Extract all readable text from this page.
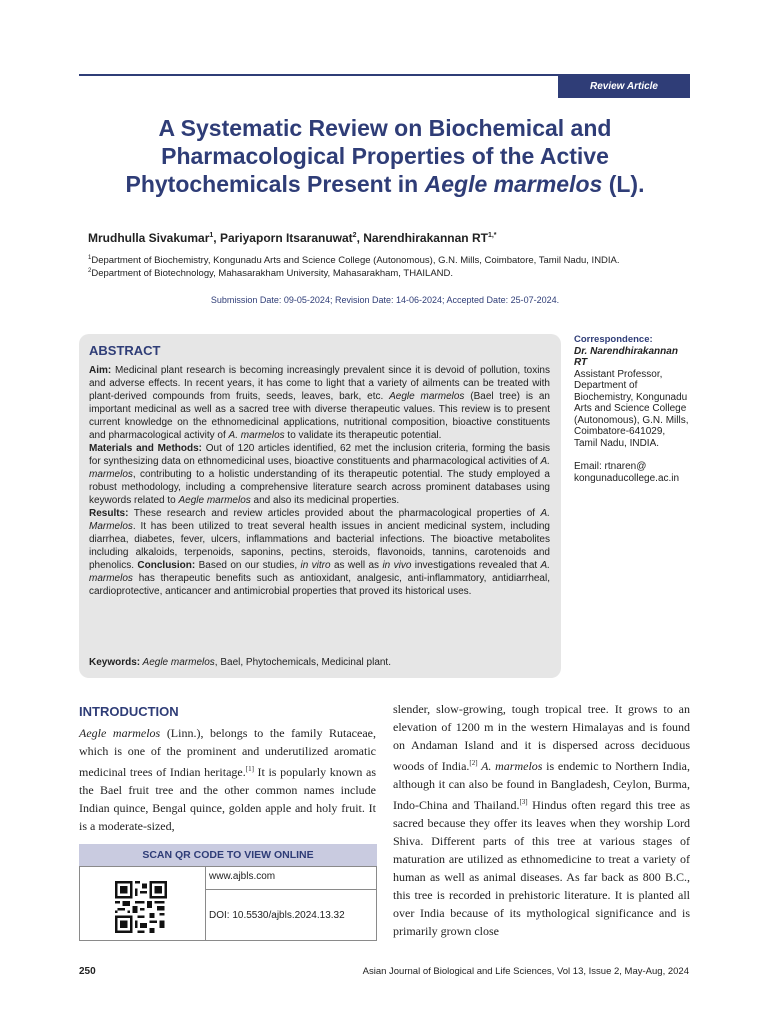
Review Article
A Systematic Review on Biochemical and
Pharmacological Properties of the Active
Phytochemicals Present in Aegle marmelos (L).
Mrudhulla Sivakumar$^1$, Pariyaporn Itsaranuwat$^2$, Narendhirakannan $RT^{1,*}$
$^1$Department of Biochemistry, Kongunadu Arts and Science College (Autonomous), G.N. Mills, Coimbatore, Tamil Nadu, INDIA.
$^2$Department of Biotechnology, Mahasarakham University, Mahasarakham, THAILAND.
Submission Date: 09-05-2024; Revision Date: 14-06-2024; Accepted Date: 25-07-2024.
ABSTRACT
Aim: Medicinal plant research is becoming increasingly prevalent since it is devoid of pollution, toxins and adverse effects. In recent years, it has come to light that a variety of ailments can be treated with plant-derived compounds from fruits, seeds, leaves, bark, etc. Aegle marmelos (Bael tree) is an important medicinal as well as a sacred tree with diverse therapeutic values. This review is to present current knowledge on the ethnomedicinal applications, nutritional composition, bioactive constituents and pharmacological activity of A. marmelos to validate its therapeutic potential.
Materials and Methods: Out of 120 articles identified, 62 met the inclusion criteria, forming the basis for synthesizing data on ethnomedicinal uses, bioactive constituents and pharmacological activities of A. marmelos, contributing to a holistic understanding of its therapeutic potential. The study employed a robust methodology, including a comprehensive literature search across prominent databases using keywords related to Aegle marmelos and also its medicinal properties.
Results: These research and review articles provided about the pharmacological properties of A. Marmelos. It has been utilized to treat several health issues in ancient medicinal system, including diarrhea, diabetes, fever, ulcers, inflammations and bacterial infections. The bioactive metabolites including alkaloids, terpenoids, saponins, pectins, steroids, flavonoids, tannins, carotenoids and phenolics. Conclusion: Based on our studies, in vitro as well as in vivo investigations revealed that A. marmelos has therapeutic benefits such as antioxidant, analgesic, anti-inflammatory, antidiarrheal, cardioprotective, anticancer and antimicrobial properties that proved its historical uses.
Keywords: Aegle marmelos, Bael, Phytochemicals, Medicinal plant.
Correspondence:
Dr. Narendhirakannan
RT
Assistant Professor,
Department of
Biochemistry, Kongunadu
Arts and Science College
(Autonomous), G.N. Mills,
Coimbatore-641029,
Tamil Nadu, INDIA.
Email: rtnaren@
kongunaducollege.ac.in
INTRODUCTION
Aegle marmelos (Linn.), belongs to the family Rutaceae, which is one of the prominent and underutilized aromatic medicinal trees of Indian heritage.[1] It is popularly known as the Bael fruit tree and the other common names include Indian quince, Bengal quince, golden apple and holy fruit. It is a moderate-sized,
slender, slow-growing, tough tropical tree. It grows to an elevation of 1200 m in the western Himalayas and is found on Andaman Island and it is dispersed across deciduous woods of India.[2] A. marmelos is endemic to Northern India, although it can also be found in Bangladesh, Ceylon, Burma, Indo-China and Thailand.[3] Hindus often regard this tree as sacred because they offer its leaves when they worship Lord Shiva. Different parts of this tree at various stages of maturation are utilized as ethnomedicine to treat a variety of human as well as animal diseases. As far back as 800 B.C., this tree is recorded in prehistoric literature. It is planted all over India because of its mythological significance and is primarily grown close
SCAN QR CODE TO VIEW ONLINE
www.ajbls.com
DOI: 10.5530/ajbls.2024.13.32
250	Asian Journal of Biological and Life Sciences, Vol 13, Issue 2, May-Aug, 2024
